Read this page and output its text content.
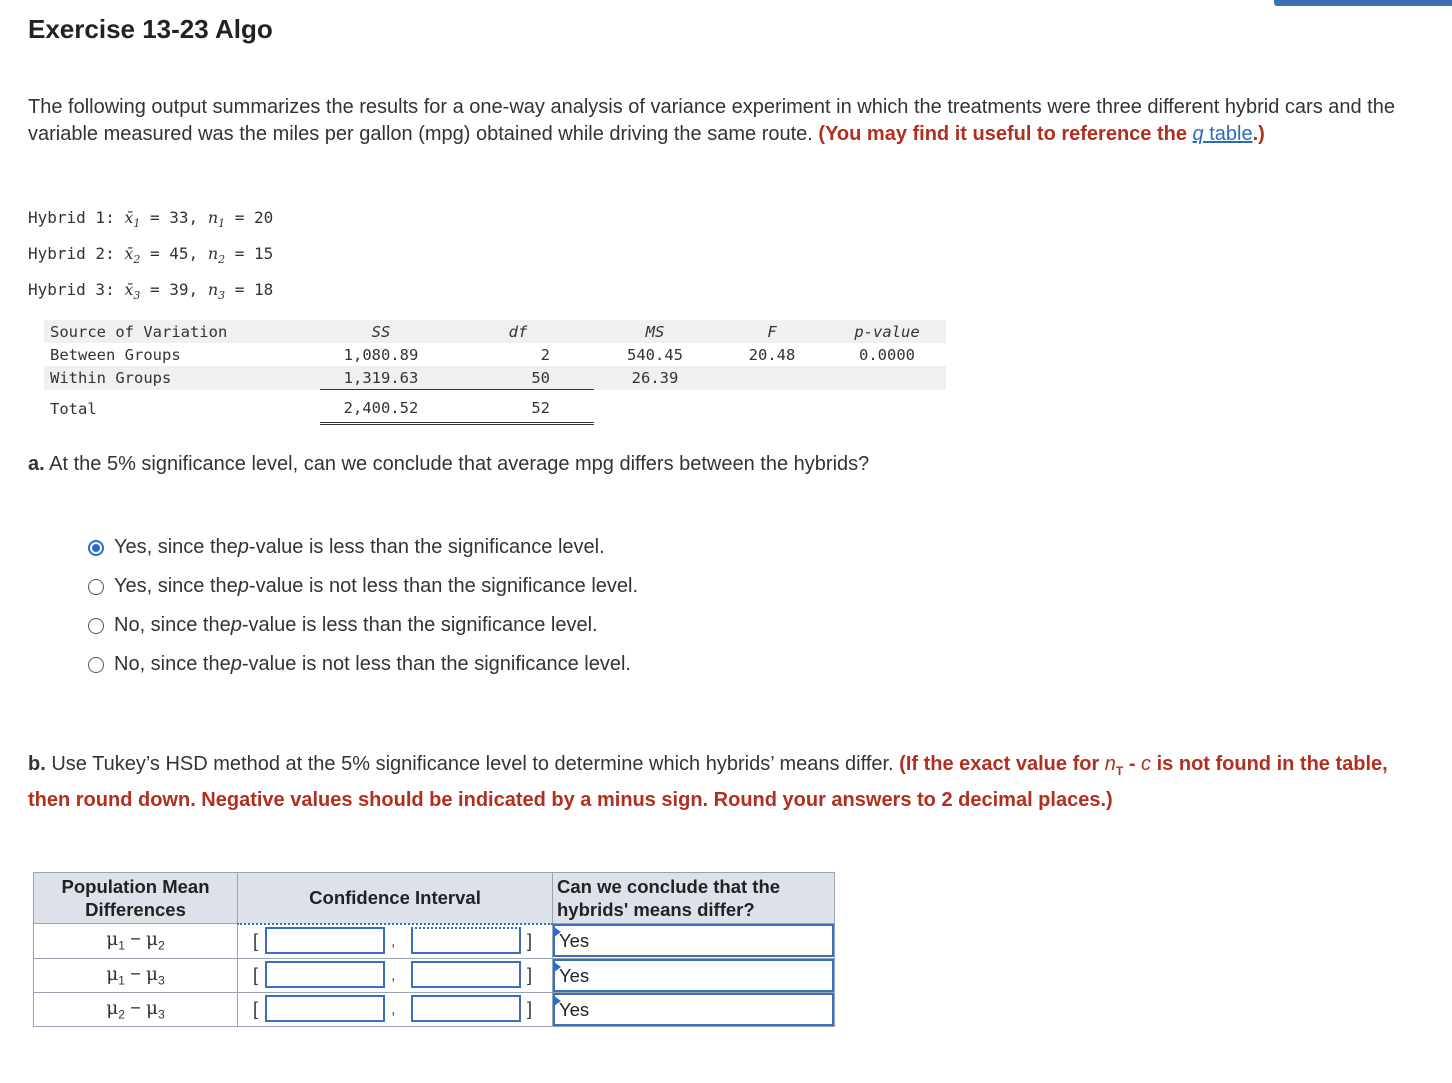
Exercise 13-23 Algo

The following output summarizes the results for a one-way analysis of variance experiment in which the treatments were three different hybrid cars and the variable measured was the miles per gallon (mpg) obtained while driving the same route. (You may find it useful to reference the q table.)

Hybrid 1: $x̄_1 = 33$, $n_1 = 20$
Hybrid 2: $x̄_2 = 45$, $n_2 = 15$
Hybrid 3: $x̄_3 = 39$, $n_3 = 18$
Source of Variation	SS	df	MS	F	p-value
Between Groups	1,080.89	2	540.45	20.48	0.0000
Within Groups	1,319.63	50	26.39		
Total	2,400.52	52			

a. At the 5% significance level, can we conclude that average mpg differs between the hybrids?

Yes, since the p -value is less than the significance level.
Yes, since the p -value is not less than the significance level.
No, since the p -value is less than the significance level.
No, since the p -value is not less than the significance level.

b. Use Tukey’s HSD method at the 5% significance level to determine which hybrids’ means differ. (If the exact value for $n_T$ - c is not found in the table, then round down. Negative values should be indicated by a minus sign. Round your answers to 2 decimal places.)

Population Mean
Differences	Confidence Interval	Can we conclude that the
hybrids' means differ?
$\mu_1 - \mu_2$	[ , ]	Yes

$\mu_1 - \mu_3$	[ , ]	Yes

$\mu_2 - \mu_3$	[ , ]	Yes
